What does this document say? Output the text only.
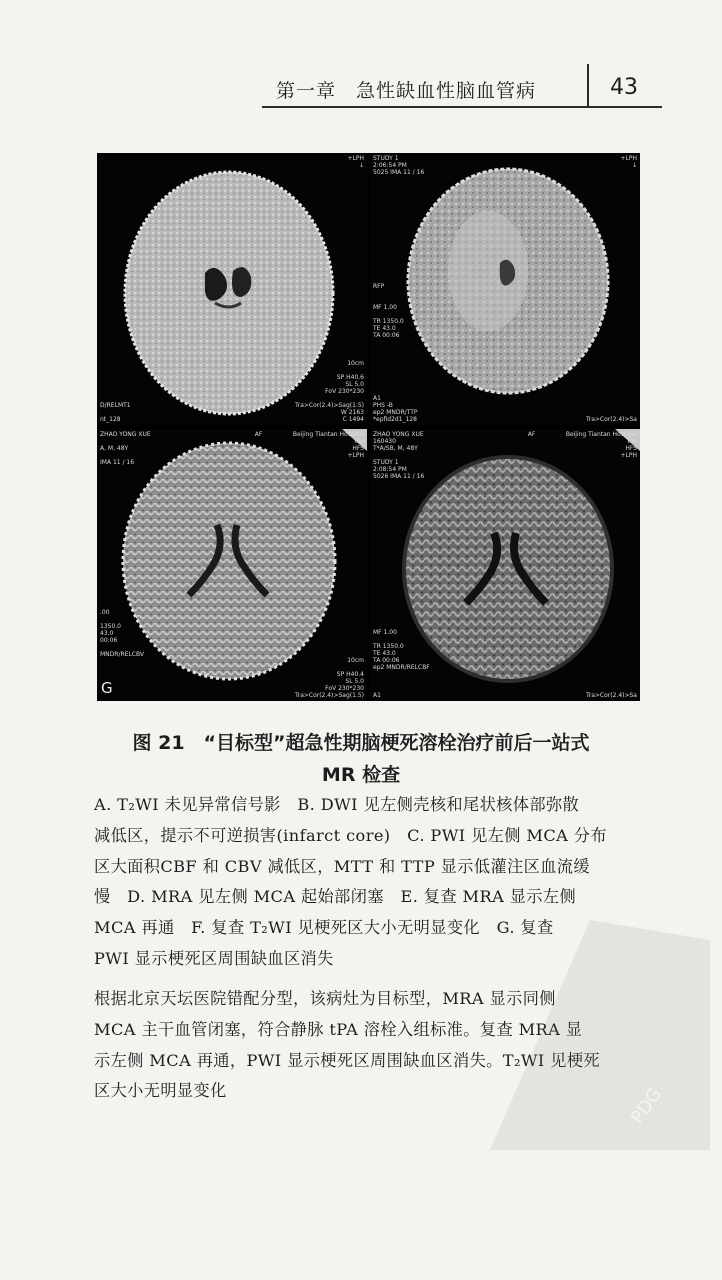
第一章　急性缺血性脑血管病	43
+LPH
↓
D/RELMT1

nt_128
10cm

SP H40.6
SL 5.0
FoV 230*230

Tra>Cor(2.4)>Sag(1.5)
W 2163
C 1494
STUDY 1
2:06:54 PM
5025 IMA 11 / 16
+LPH
↓
RFP

MF 1.00

TR 1350.0
TE 43.0
TA 00:06
A1
PHS -B
ep2 MNDR/TTP
*epfid2d1_128	Tra>Cor(2.4)>Sa
ZHAO YONG XUE

A, M, 48Y

IMA 11 / 16
AF                Beijing Tiantan Hospital
Trio
HFS
+LPH
.00

1350.0
43.0
00:06

MNDR/RELCBV
10cm

SP H40.4
SL 5.0
FoV 230*230
Tra>Cor(2.4)>Sag(1.5)
G
ZHAO YONG XUE
160430
T*A/SB, M, 48Y

STUDY 1
2:08:54 PM
5026 IMA 11 / 16
AF                Beijing Tiantan Hospital
Trio
HFS
+LPH
MF 1.00

TR 1350.0
TE 43.0
TA 00:06
ep2 MNDR/RELCBF
A1	Tra>Cor(2.4)>Sa
图 21　“目标型”超急性期脑梗死溶栓治疗前后一站式
MR 检查
A. T₂WI 未见异常信号影　B. DWI 见左侧壳核和尾状核体部弥散
减低区，提示不可逆损害(infarct core)　C. PWI 见左侧 MCA 分布
区大面积CBF 和 CBV 减低区，MTT 和 TTP 显示低灌注区血流缓
慢　D. MRA 见左侧 MCA 起始部闭塞　E. 复查 MRA 显示左侧
MCA 再通　F. 复查 T₂WI 见梗死区大小无明显变化　G. 复查
PWI 显示梗死区周围缺血区消失
根据北京天坛医院错配分型，该病灶为目标型，MRA 显示同侧
MCA 主干血管闭塞，符合静脉 tPA 溶栓入组标准。复查 MRA 显
示左侧 MCA 再通，PWI 显示梗死区周围缺血区消失。T₂WI 见梗死
区大小无明显变化	PDG
